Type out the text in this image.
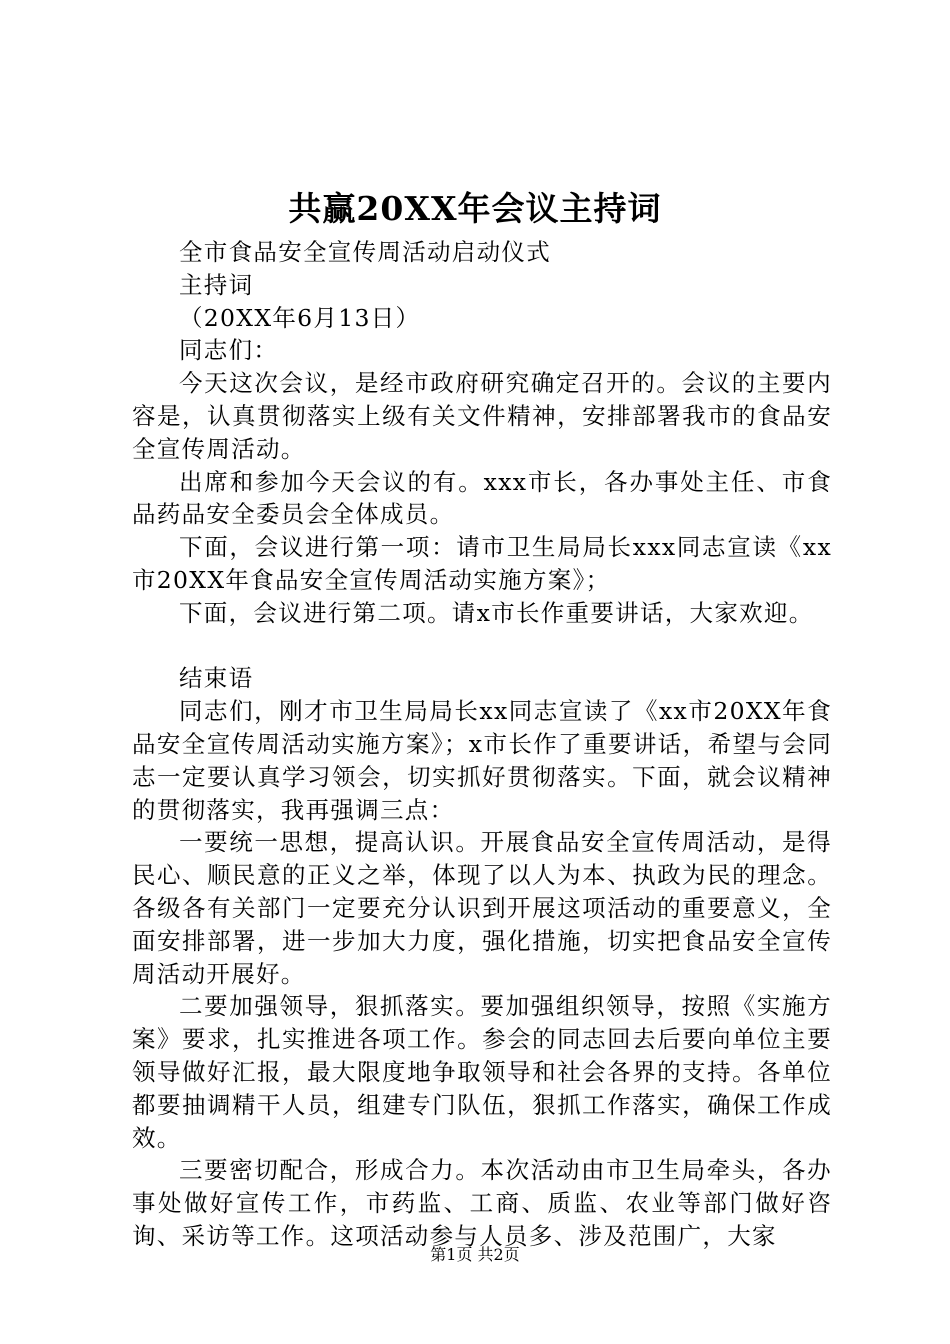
共赢20XX年会议主持词

全市食品安全宣传周活动启动仪式

主持词

（20XX年6月13日）

同志们：

今天这次会议，是经市政府研究确定召开的。会议的主要内容是，认真贯彻落实上级有关文件精神，安排部署我市的食品安全宣传周活动。

出席和参加今天会议的有。xxx市长，各办事处主任、市食品药品安全委员会全体成员。

下面，会议进行第一项：请市卫生局局长xxx同志宣读《xx市20XX年食品安全宣传周活动实施方案》；

下面，会议进行第二项。请x市长作重要讲话，大家欢迎。

结束语

同志们，刚才市卫生局局长xx同志宣读了《xx市20XX年食品安全宣传周活动实施方案》；x市长作了重要讲话，希望与会同志一定要认真学习领会，切实抓好贯彻落实。下面，就会议精神的贯彻落实，我再强调三点：

一要统一思想，提高认识。开展食品安全宣传周活动，是得民心、顺民意的正义之举，体现了以人为本、执政为民的理念。各级各有关部门一定要充分认识到开展这项活动的重要意义，全面安排部署，进一步加大力度，强化措施，切实把食品安全宣传周活动开展好。

二要加强领导，狠抓落实。要加强组织领导，按照《实施方案》要求，扎实推进各项工作。参会的同志回去后要向单位主要领导做好汇报，最大限度地争取领导和社会各界的支持。各单位都要抽调精干人员，组建专门队伍，狠抓工作落实，确保工作成效。

三要密切配合，形成合力。本次活动由市卫生局牵头，各办事处做好宣传工作，市药监、工商、质监、农业等部门做好咨询、采访等工作。这项活动参与人员多、涉及范围广，大家

第1页 共2页
